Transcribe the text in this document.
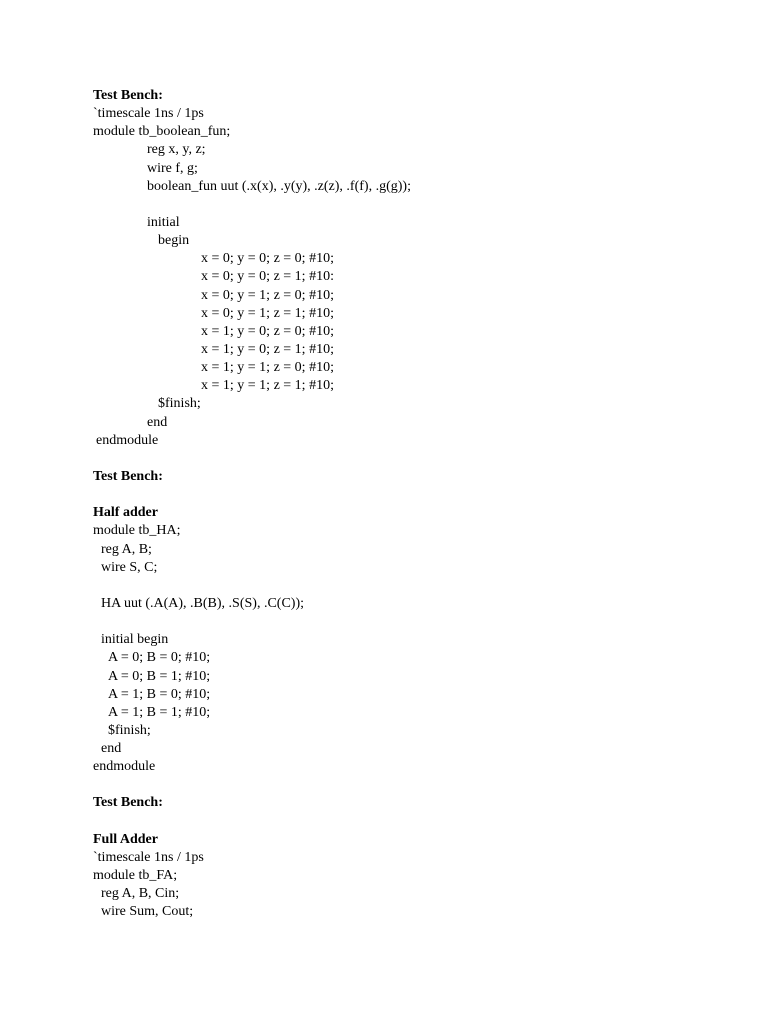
Test Bench:
`timescale 1ns / 1ps
module tb_boolean_fun;
reg x, y, z;
wire f, g;
boolean_fun uut (.x(x), .y(y), .z(z), .f(f), .g(g));
initial
begin
x = 0; y = 0; z = 0; #10;
x = 0; y = 0; z = 1; #10:
x = 0; y = 1; z = 0; #10;
x = 0; y = 1; z = 1; #10;
x = 1; y = 0; z = 0; #10;
x = 1; y = 0; z = 1; #10;
x = 1; y = 1; z = 0; #10;
x = 1; y = 1; z = 1; #10;
$finish;
end
endmodule
Test Bench:
Half adder
module tb_HA;
reg A, B;
wire S, C;
HA uut (.A(A), .B(B), .S(S), .C(C));
initial begin
A = 0; B = 0; #10;
A = 0; B = 1; #10;
A = 1; B = 0; #10;
A = 1; B = 1; #10;
$finish;
end
endmodule
Test Bench:
Full Adder
`timescale 1ns / 1ps
module tb_FA;
reg A, B, Cin;
wire Sum, Cout;
